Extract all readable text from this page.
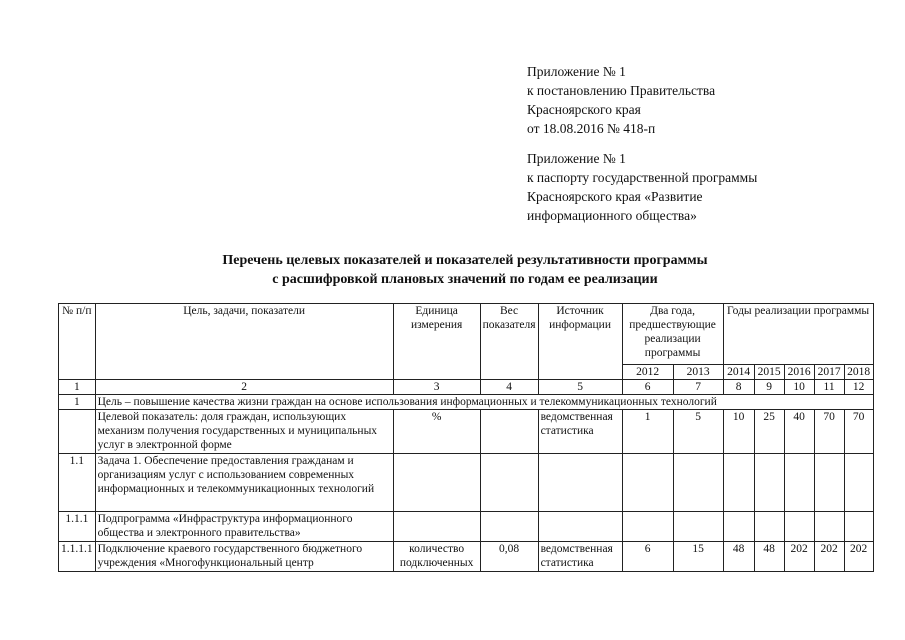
Приложение № 1
к постановлению Правительства
Красноярского края
от 18.08.2016 № 418-п
Приложение № 1
к паспорту государственной программы
Красноярского края «Развитие
информационного общества»
Перечень целевых показателей и показателей результативности программы
с расшифровкой плановых значений по годам ее реализации
№ п/п	Цель, задачи, показатели	Единица измерения	Вес показателя	Источник информации	Два года, предшествующие реализации программы		Годы реализации программы				
					2012	2013	2014	2015	2016	2017	2018
1	2	3	4	5	6	7	8	9	10	11	12
1	Цель – повышение качества жизни граждан на основе использования информационных и телекоммуникационных технологий										
	Целевой показатель: доля граждан, использующих механизм получения государственных и муниципальных услуг в электронной форме	%		ведомственная статистика	1	5	10	25	40	70	70
1.1	Задача 1. Обеспечение предоставления гражданам и организациям услуг с использованием современных информационных и телекоммуникационных технологий										
1.1.1	Подпрограмма «Инфраструктура информационного общества и электронного правительства»										
1.1.1.1	Подключение краевого государственного бюджетного учреждения «Многофункциональный центр	количество подключенных	0,08	ведомственная статистика	6	15	48	48	202	202	202
